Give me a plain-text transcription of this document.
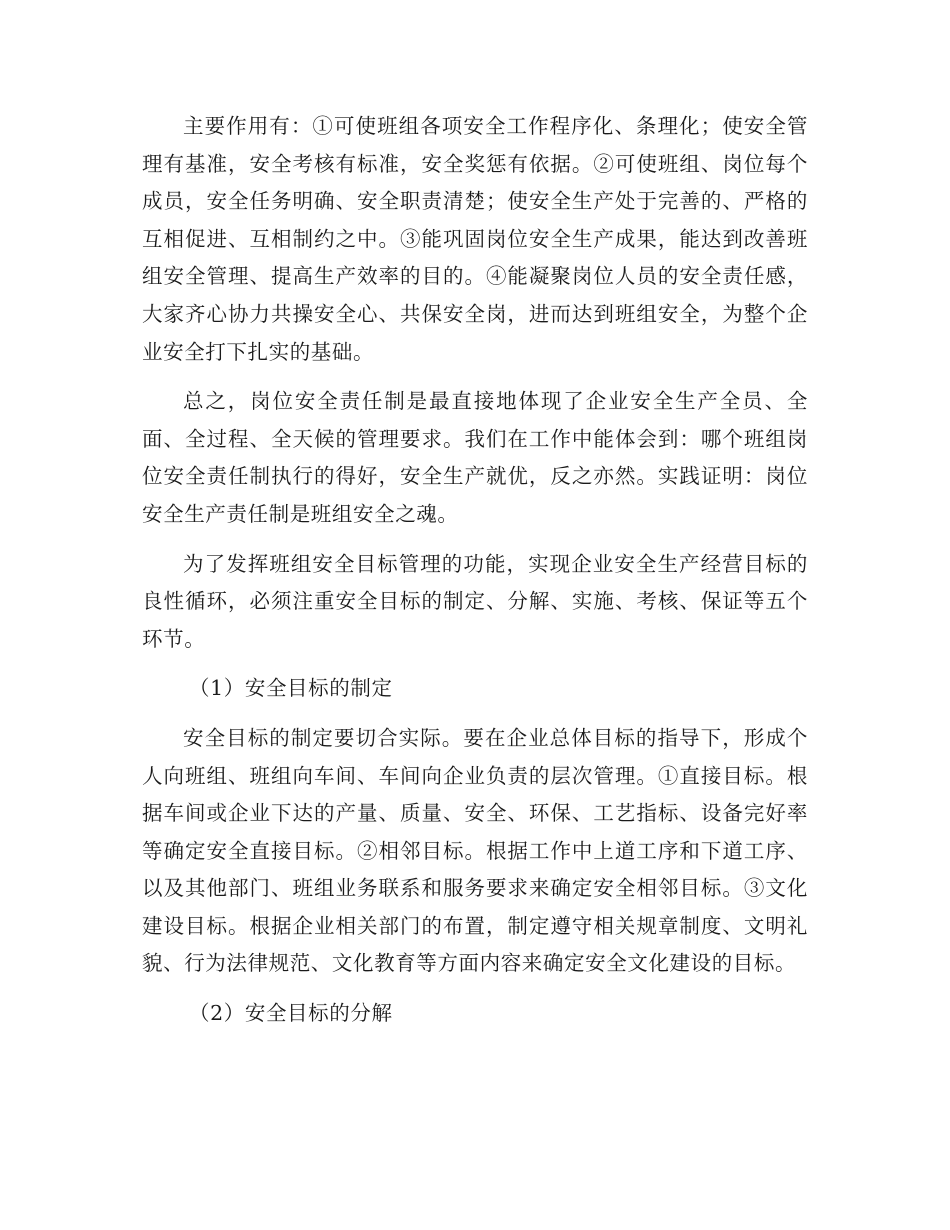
主要作用有：①可使班组各项安全工作程序化、条理化；使安全管理有基准，安全考核有标准，安全奖惩有依据。②可使班组、岗位每个成员，安全任务明确、安全职责清楚；使安全生产处于完善的、严格的互相促进、互相制约之中。③能巩固岗位安全生产成果，能达到改善班组安全管理、提高生产效率的目的。④能凝聚岗位人员的安全责任感，大家齐心协力共操安全心、共保安全岗，进而达到班组安全，为整个企业安全打下扎实的基础。

总之，岗位安全责任制是最直接地体现了企业安全生产全员、全面、全过程、全天候的管理要求。我们在工作中能体会到：哪个班组岗位安全责任制执行的得好，安全生产就优，反之亦然。实践证明：岗位安全生产责任制是班组安全之魂。

为了发挥班组安全目标管理的功能，实现企业安全生产经营目标的良性循环，必须注重安全目标的制定、分解、实施、考核、保证等五个环节。

（1）安全目标的制定

安全目标的制定要切合实际。要在企业总体目标的指导下，形成个人向班组、班组向车间、车间向企业负责的层次管理。①直接目标。根据车间或企业下达的产量、质量、安全、环保、工艺指标、设备完好率等确定安全直接目标。②相邻目标。根据工作中上道工序和下道工序、以及其他部门、班组业务联系和服务要求来确定安全相邻目标。③文化建设目标。根据企业相关部门的布置，制定遵守相关规章制度、文明礼貌、行为法律规范、文化教育等方面内容来确定安全文化建设的目标。

（2）安全目标的分解
